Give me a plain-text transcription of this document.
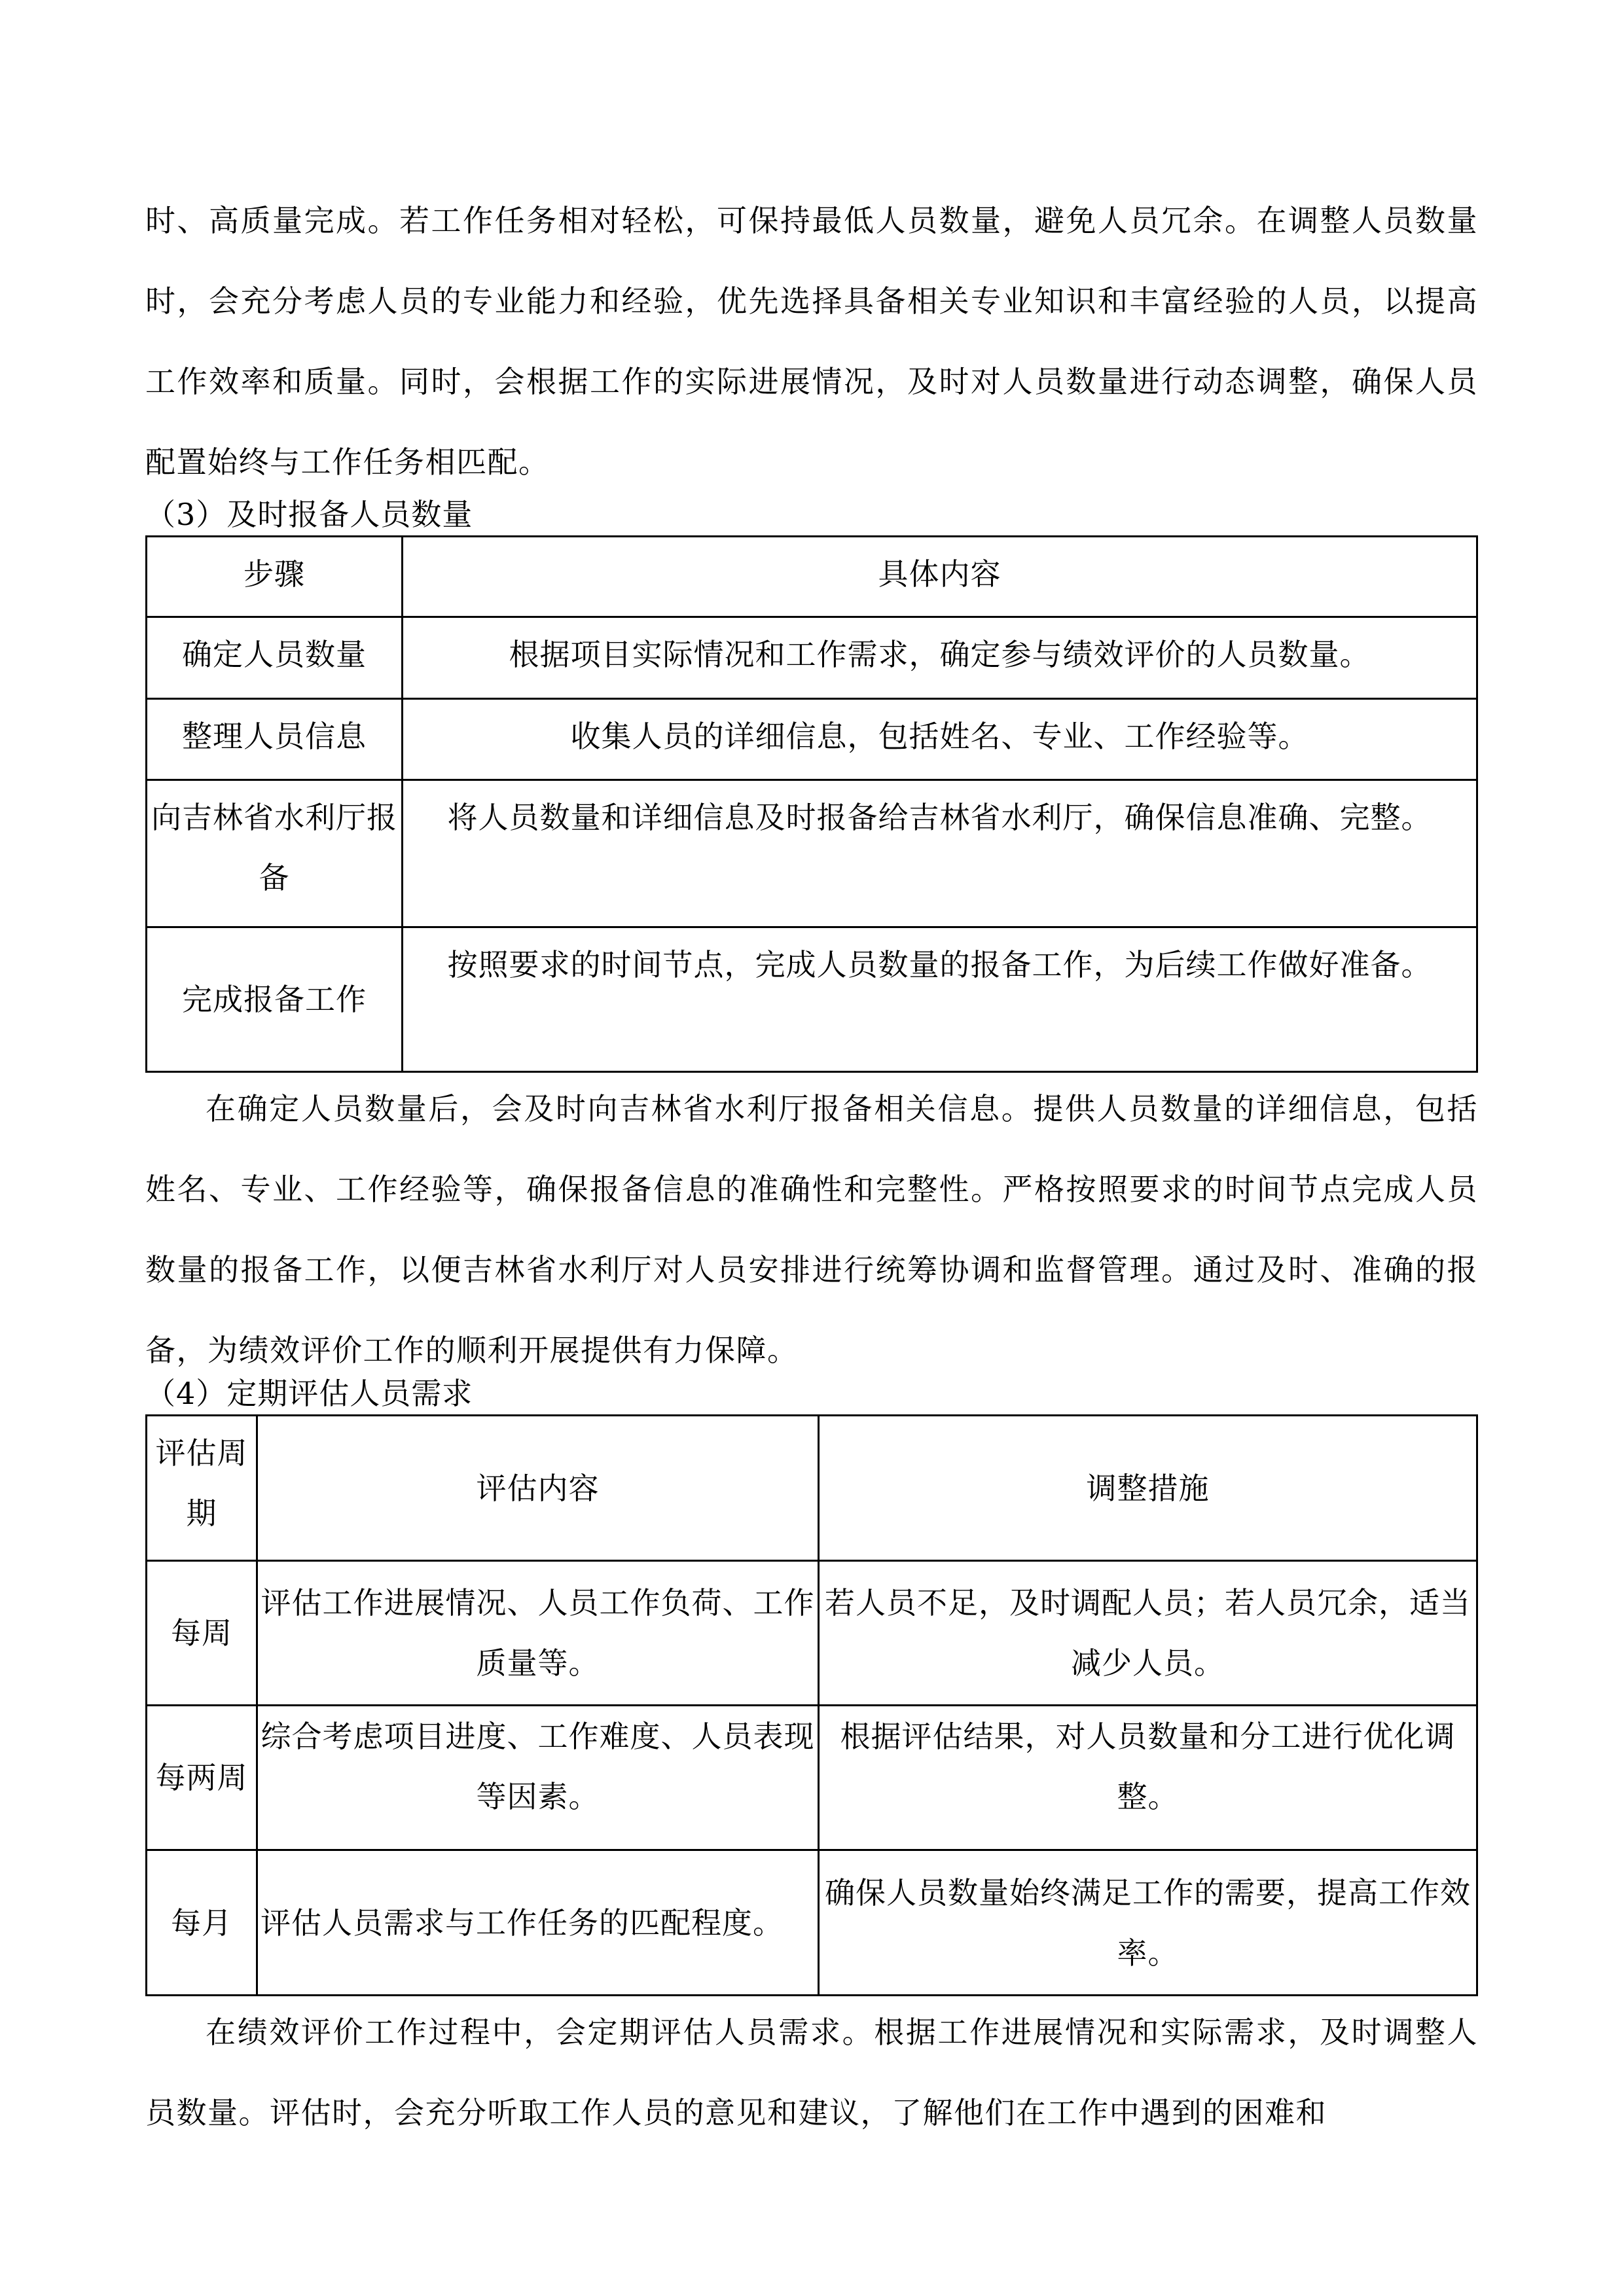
时、高质量完成。若工作任务相对轻松，可保持最低人员数量，避免人员冗余。在调整人员数量时，会充分考虑人员的专业能力和经验，优先选择具备相关专业知识和丰富经验的人员，以提高工作效率和质量。同时，会根据工作的实际进展情况，及时对人员数量进行动态调整，确保人员配置始终与工作任务相匹配。

（3）及时报备人员数量

步骤	具体内容
确定人员数量	根据项目实际情况和工作需求，确定参与绩效评价的人员数量。
整理人员信息	收集人员的详细信息，包括姓名、专业、工作经验等。
向吉林省水利厅报备	将人员数量和详细信息及时报备给吉林省水利厅，确保信息准确、完整。
完成报备工作	按照要求的时间节点，完成人员数量的报备工作，为后续工作做好准备。

在确定人员数量后，会及时向吉林省水利厅报备相关信息。提供人员数量的详细信息，包括姓名、专业、工作经验等，确保报备信息的准确性和完整性。严格按照要求的时间节点完成人员数量的报备工作，以便吉林省水利厅对人员安排进行统筹协调和监督管理。通过及时、准确的报备，为绩效评价工作的顺利开展提供有力保障。

（4）定期评估人员需求

评估周期	评估内容	调整措施
每周	评估工作进展情况、人员工作负荷、工作质量等。	若人员不足，及时调配人员；若人员冗余，适当减少人员。
每两周	综合考虑项目进度、工作难度、人员表现等因素。	根据评估结果，对人员数量和分工进行优化调整。
每月	评估人员需求与工作任务的匹配程度。	确保人员数量始终满足工作的需要，提高工作效率。

在绩效评价工作过程中，会定期评估人员需求。根据工作进展情况和实际需求，及时调整人员数量。评估时，会充分听取工作人员的意见和建议，了解他们在工作中遇到的困难和
